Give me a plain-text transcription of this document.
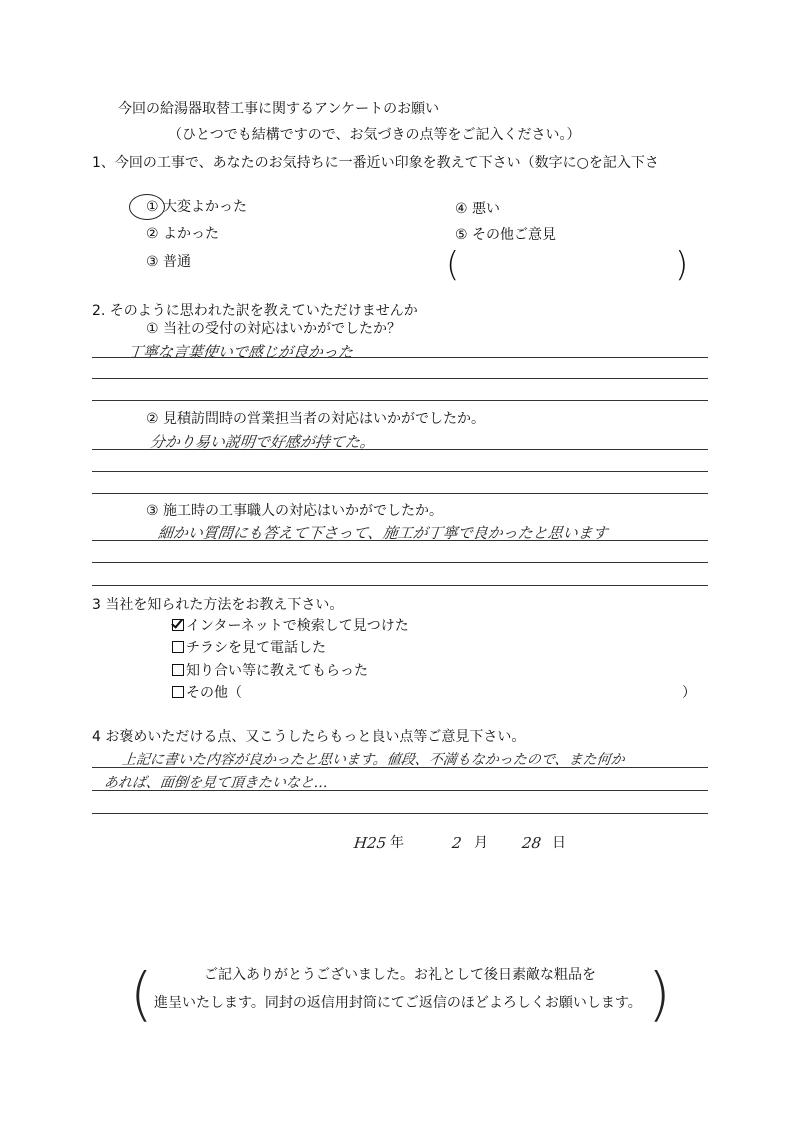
今回の給湯器取替工事に関するアンケートのお願い
（ひとつでも結構ですので、お気づきの点等をご記入ください。）
1、今回の工事で、あなたのお気持ちに一番近い印象を教えて下さい（数字に○を記入下さ
① 大変よかった
② よかった
③ 普通
④ 悪い
⑤ その他ご意見
(	)
2. そのように思われた訳を教えていただけませんか
① 当社の受付の対応はいかがでしたか？
丁寧な言葉使いで感じが良かった
② 見積訪問時の営業担当者の対応はいかがでしたか。
分かり易い説明で好感が持てた。
③ 施工時の工事職人の対応はいかがでしたか。
細かい質問にも答えて下さって、施工が丁寧で良かったと思います
3 当社を知られた方法をお教え下さい。
インターネットで検索して見つけた
チラシを見て電話した
知り合い等に教えてもらった
その他（	）
4 お褒めいただける点、又こうしたらもっと良い点等ご意見下さい。
上記に書いた内容が良かったと思います。値段、不満もなかったので、また何か
あれば、面倒を見て頂きたいなと…
H25 年	2 月 28 日
(	)
ご記入ありがとうございました。お礼として後日素敵な粗品を
進呈いたします。同封の返信用封筒にてご返信のほどよろしくお願いします。
